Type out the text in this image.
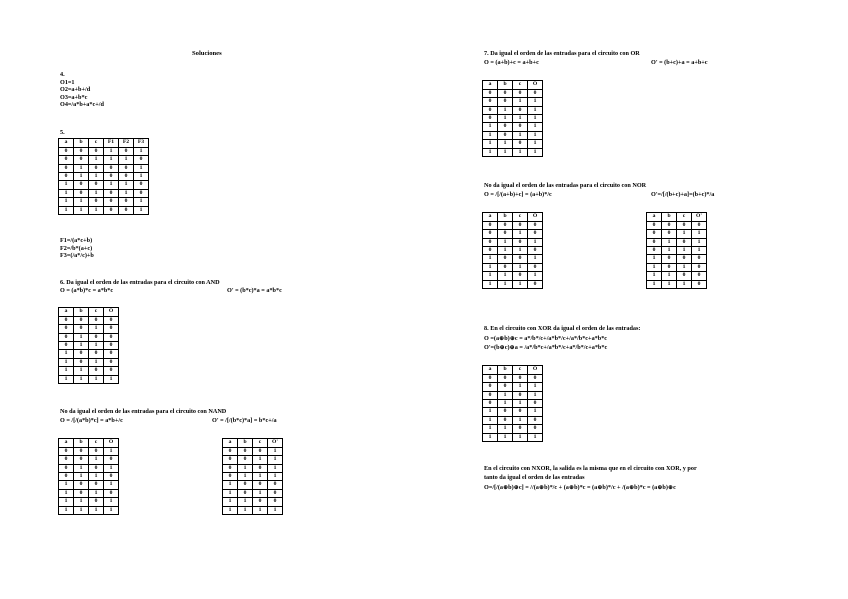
Soluciones
4.
O1=1
O2=a+b+/d
O3=a+b*c
O4=/a*b+a*c+/d
5.
a	b	c	F1	F2	F3
0	0	0	1	0	1
0	0	1	1	1	0
0	1	0	0	0	1
0	1	1	0	0	1
1	0	0	1	1	0
1	0	1	0	1	0
1	1	0	0	0	1
1	1	1	0	0	1
F1=/(a*c+b)
F2=/b*(a+c)
F3=(/a*/c)+b
6. Da igual el orden de las entradas para el circuito con AND
O = (a*b)*c = a*b*c	O' = (b*c)*a = a*b*c
a	b	c	O
0	0	0	0
0	0	1	0
0	1	0	0
0	1	1	0
1	0	0	0
1	0	1	0
1	1	0	0
1	1	1	1
No da igual el orden de las entradas para el circuito con NAND
O = /[/(a*b)*c] = a*b+/c	O' = /[/(b*c)*a] = b*c+/a
a	b	c	O
0	0	0	1
0	0	1	0
0	1	0	1
0	1	1	0
1	0	0	1
1	0	1	0
1	1	0	1
1	1	1	1
a	b	c	O'
0	0	0	1
0	0	1	1
0	1	0	1
0	1	1	1
1	0	0	0
1	0	1	0
1	1	0	0
1	1	1	1
7. Da igual el orden de las entradas para el circuito con OR
O = (a+b)+c = a+b+c	O' = (b+c)+a = a+b+c
a	b	c	O
0	0	0	0
0	0	1	1
0	1	0	1
0	1	1	1
1	0	0	1
1	0	1	1
1	1	0	1
1	1	1	1
No da igual el orden de las entradas para el circuito con NOR
O = /[/(a+b)+c] = (a+b)*/c	O'=/[/(b+c)+a]=(b+c)*/a
a	b	c	O
0	0	0	0
0	0	1	0
0	1	0	1
0	1	1	0
1	0	0	1
1	0	1	0
1	1	0	1
1	1	1	0
a	b	c	O'
0	0	0	0
0	0	1	1
0	1	0	1
0	1	1	1
1	0	0	0
1	0	1	0
1	1	0	0
1	1	1	0
8. En el circuito con XOR da igual el orden de las entradas:
O =(a⊕b)⊕c = a*/b*/c+/a*b*/c+/a*/b*c+a*b*c
O'=(b⊕c)⊕a = /a*/b*c+/a*b*/c+a*/b*/c+a*b*c
a	b	c	O
0	0	0	0
0	0	1	1
0	1	0	1
0	1	1	0
1	0	0	1
1	0	1	0
1	1	0	0
1	1	1	1
En el circuito con NXOR, la salida es la misma que en el circuito con XOR, y por
tanto da igual el orden de las entradas
O=/[/(a⊕b)⊕c] = //(a⊕b)*/c + (a⊕b)*c = (a⊕b)*/c + /(a⊕b)*c = (a⊕b)⊕c
